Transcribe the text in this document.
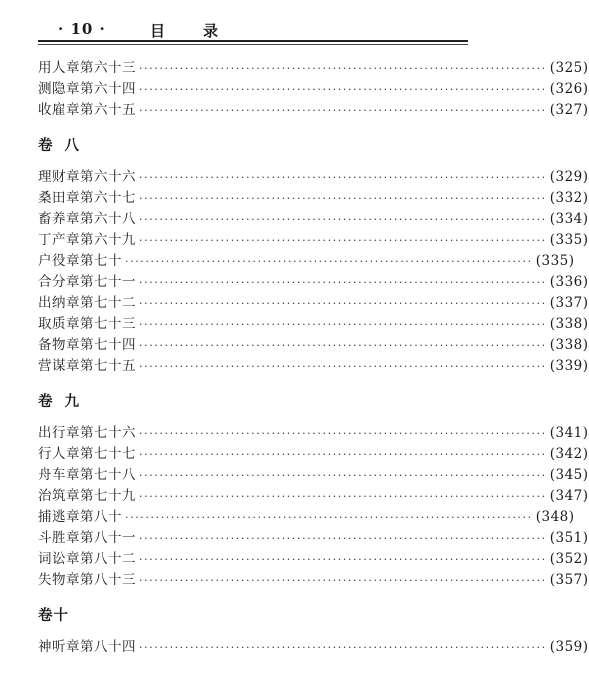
· 10 ·	目录
用人章第六十三 ················································································ (325)
测隐章第六十四 ················································································ (326)
收雇章第六十五 ················································································ (327)
卷八
理财章第六十六 ················································································ (329)
桑田章第六十七 ················································································ (332)
畜养章第六十八 ················································································ (334)
丁产章第六十九 ················································································ (335)
户役章第七十 ················································································ (335)
合分章第七十一 ················································································ (336)
出纳章第七十二 ················································································ (337)
取质章第七十三 ················································································ (338)
备物章第七十四 ················································································ (338)
营谋章第七十五 ················································································ (339)
卷九
出行章第七十六 ················································································ (341)
行人章第七十七 ················································································ (342)
舟车章第七十八 ················································································ (345)
治筑章第七十九 ················································································ (347)
捕逃章第八十 ················································································ (348)
斗胜章第八十一 ················································································ (351)
词讼章第八十二 ················································································ (352)
失物章第八十三 ················································································ (357)
卷十
神听章第八十四 ················································································ (359)
